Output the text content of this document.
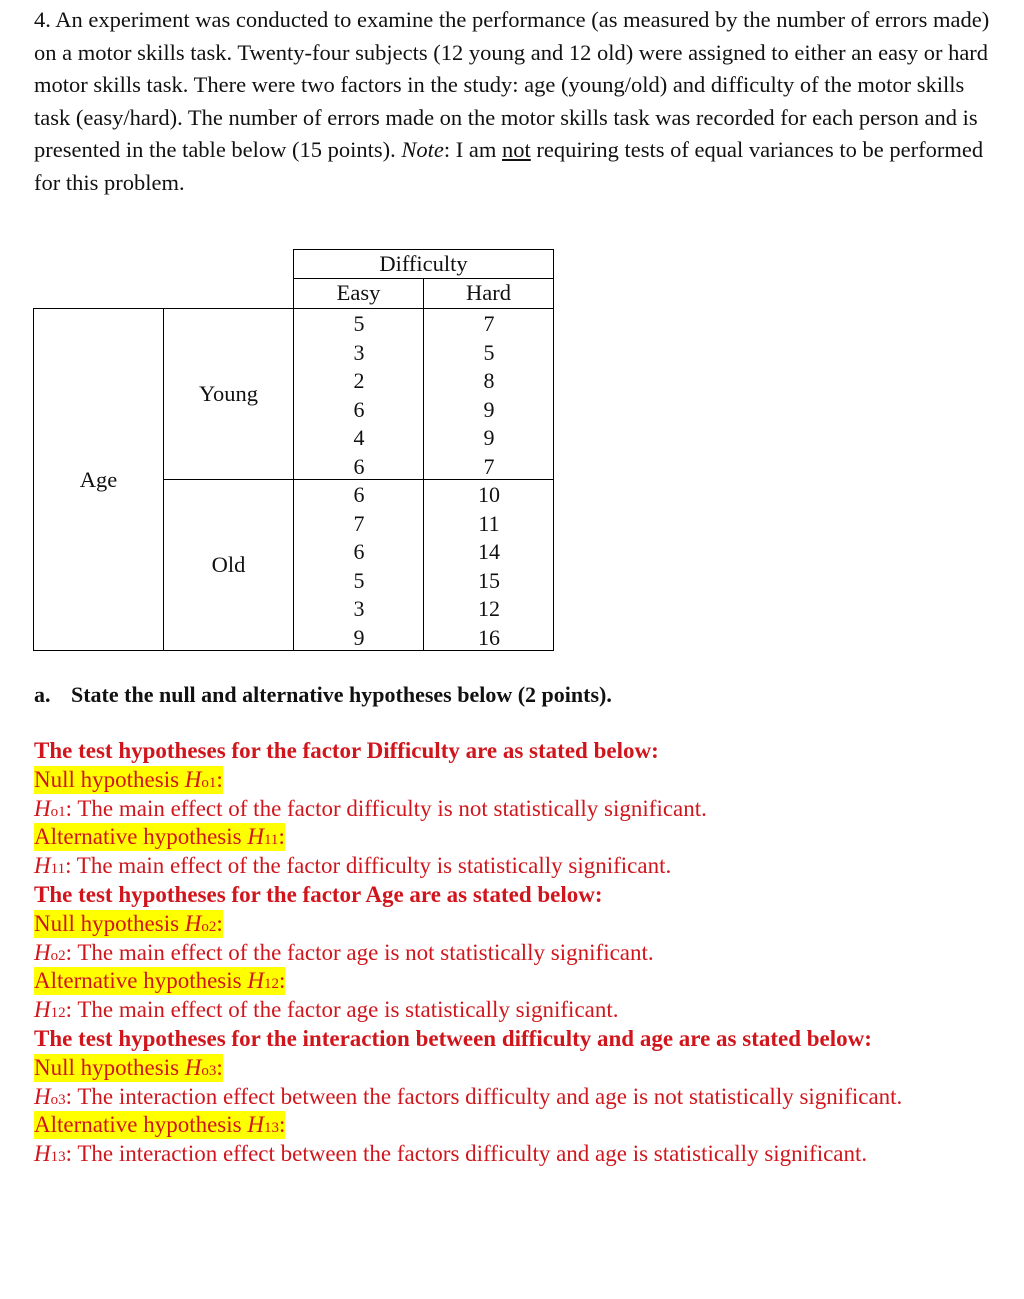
4. An experiment was conducted to examine the performance (as measured by the number of errors made) on a motor skills task. Twenty-four subjects (12 young and 12 old) were assigned to either an easy or hard motor skills task. There were two factors in the study: age (young/old) and difficulty of the motor skills task (easy/hard). The number of errors made on the motor skills task was recorded for each person and is presented in the table below (15 points). Note: I am not requiring tests of equal variances to be performed for this problem.

Difficulty
Easy	Hard
Age
Young
Old
5
3
2
6
4
6
7
5
8
9
9
7
6
7
6
5
3
9
10
11
14
15
12
16
a. State the null and alternative hypotheses below (2 points).
The test hypotheses for the factor Difficulty are as stated below:
Null hypothesis Ho1:
Ho1: The main effect of the factor difficulty is not statistically significant.
Alternative hypothesis H11:
H11: The main effect of the factor difficulty is statistically significant.
The test hypotheses for the factor Age are as stated below:
Null hypothesis Ho2:
Ho2: The main effect of the factor age is not statistically significant.
Alternative hypothesis H12:
H12: The main effect of the factor age is statistically significant.
The test hypotheses for the interaction between difficulty and age are as stated below:
Null hypothesis Ho3:
Ho3: The interaction effect between the factors difficulty and age is not statistically significant.
Alternative hypothesis H13:
H13: The interaction effect between the factors difficulty and age is statistically significant.
